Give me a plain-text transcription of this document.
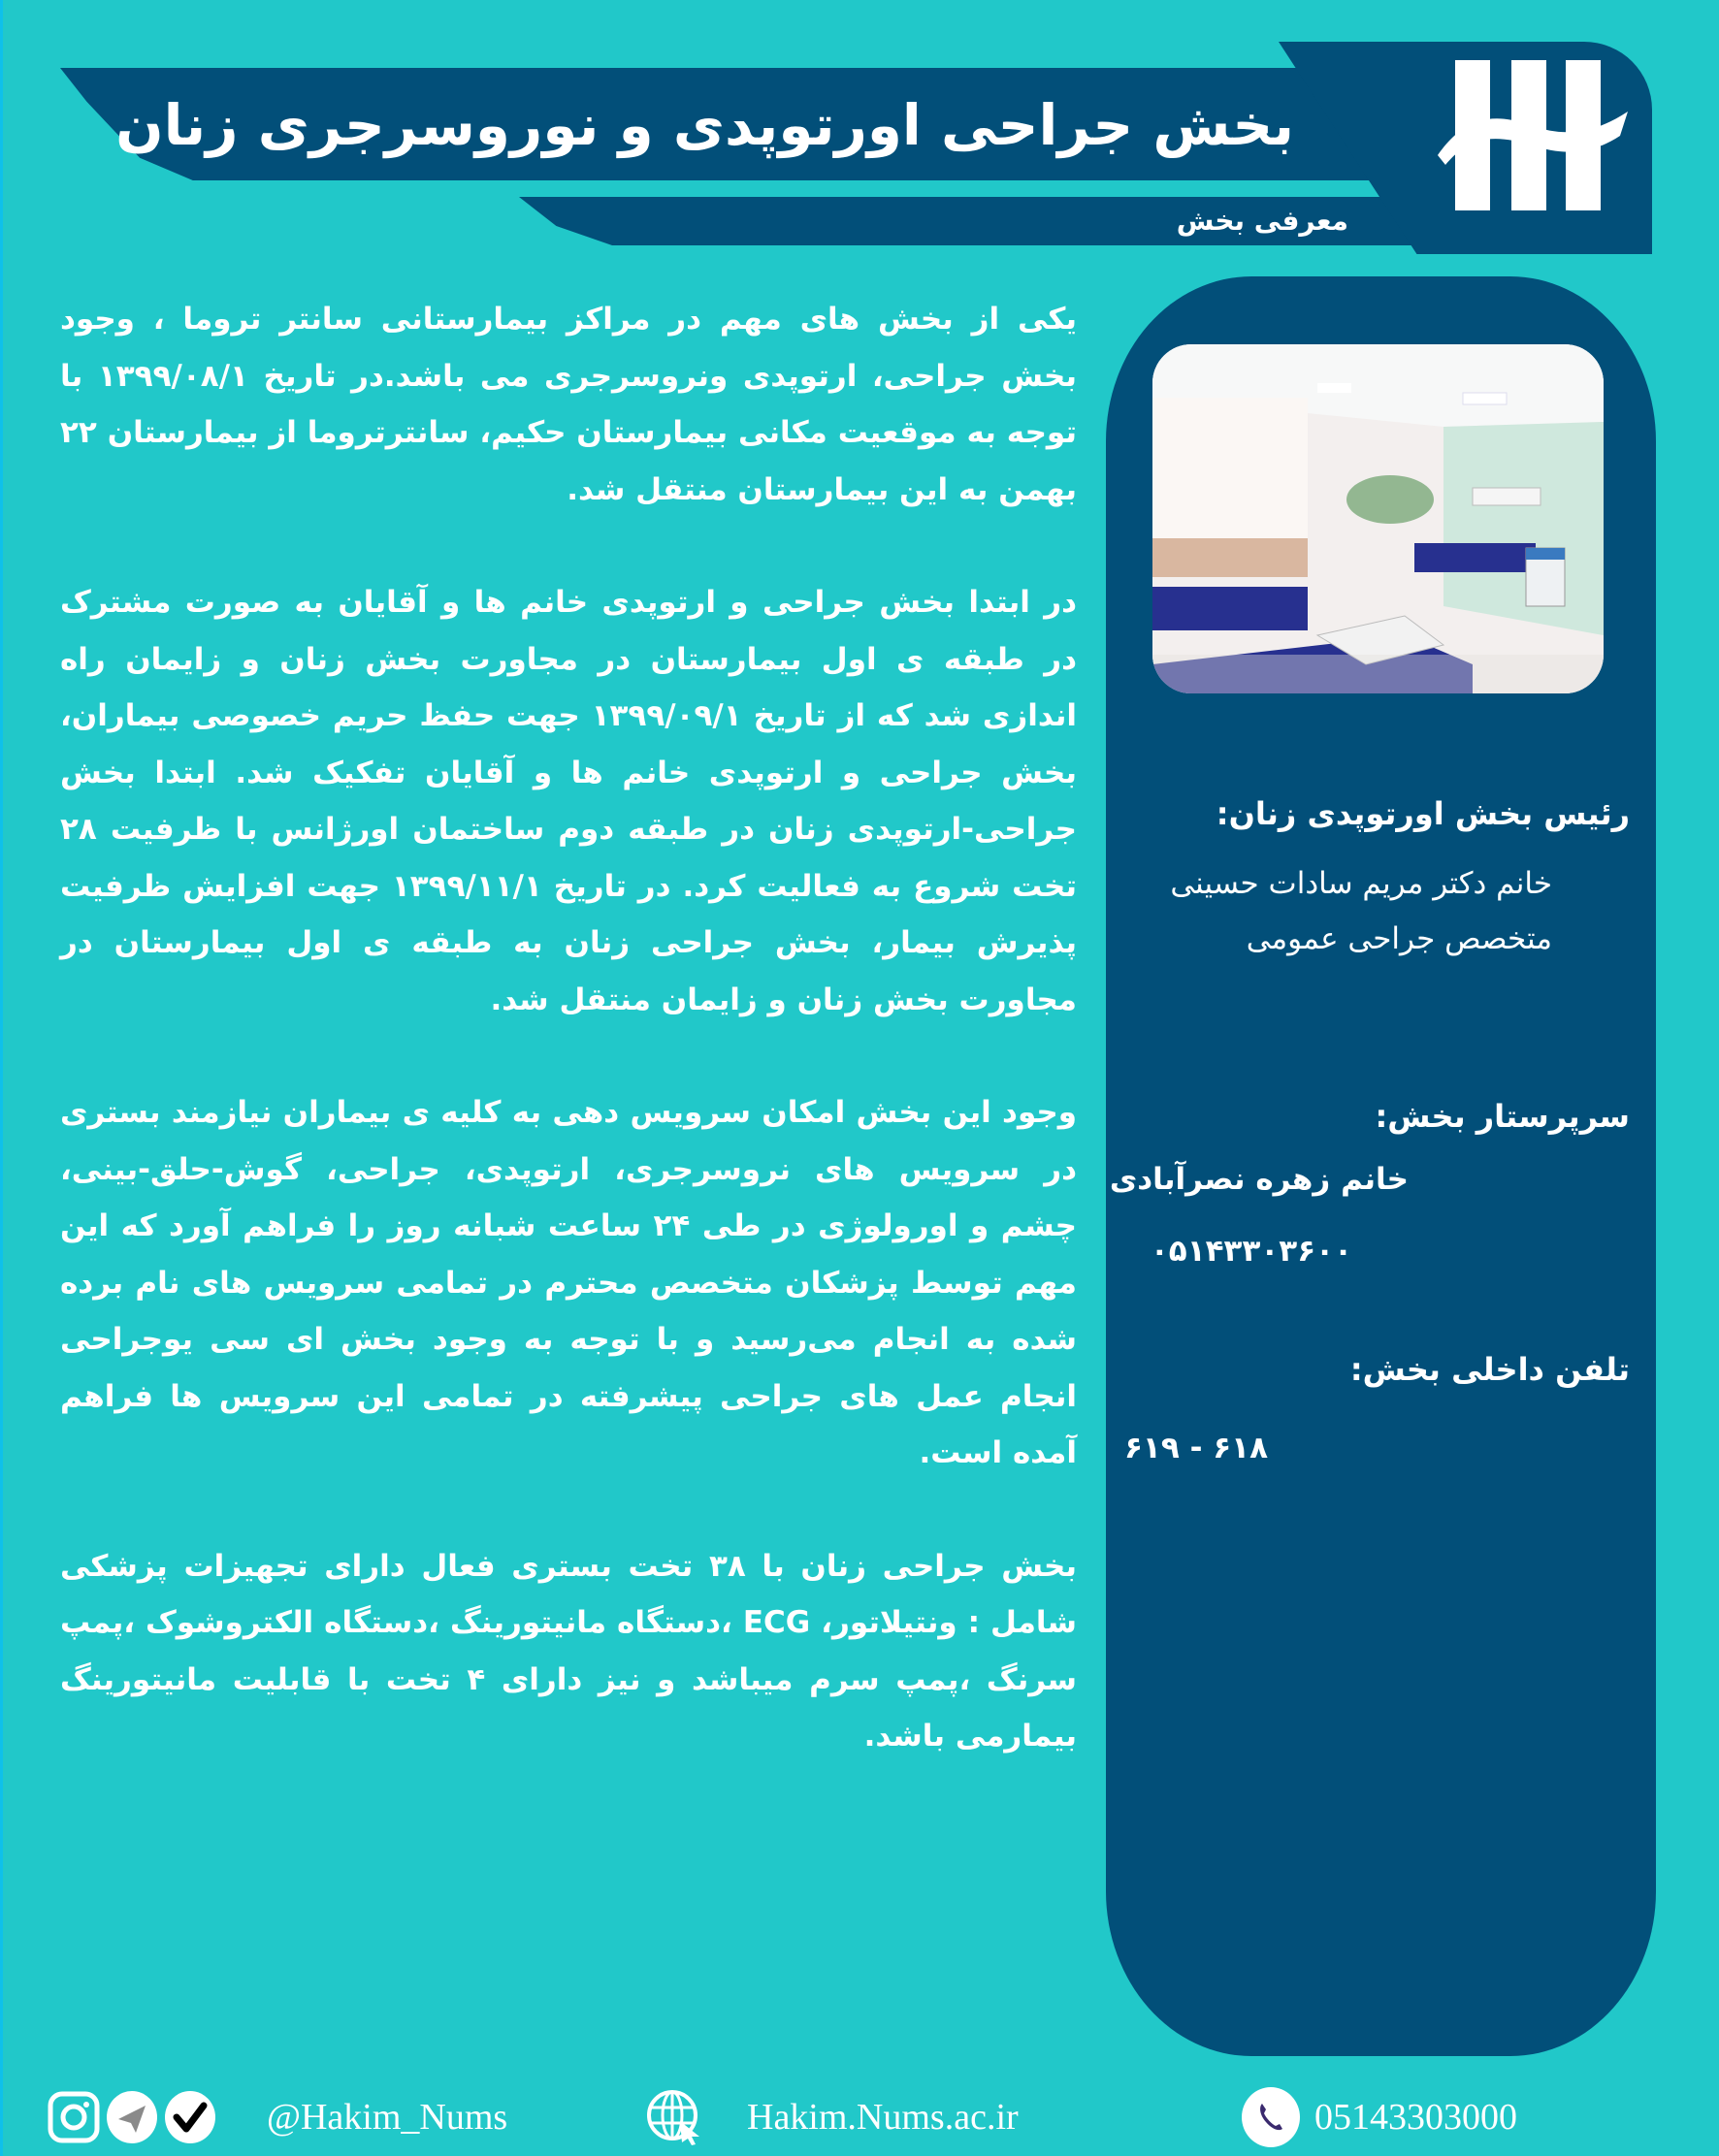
بخش جراحی اورتوپدی و نوروسرجری زنان
معرفی بخش

یکی از بخش های مهم در مراکز بیمارستانی سانتر تروما ، وجود بخش جراحی، ارتوپدی ونروسرجری می باشد.در تاریخ ۱۳۹۹/۰۸/۱ با توجه به موقعیت مکانی بیمارستان حکیم، سانترتروما از بیمارستان ۲۲ بهمن به این بیمارستان منتقل شد.

در ابتدا بخش جراحی و ارتوپدی خانم ها و آقایان به صورت مشترک در طبقه ی اول بیمارستان در مجاورت بخش زنان و زایمان راه اندازی شد که از تاریخ ۱۳۹۹/۰۹/۱ جهت حفظ حریم خصوصی بیماران، بخش جراحی و ارتوپدی خانم ها و آقایان تفکیک شد. ابتدا بخش جراحی-ارتوپدی زنان در طبقه دوم ساختمان اورژانس با ظرفیت ۲۸ تخت شروع به فعالیت کرد. در تاریخ ۱۳۹۹/۱۱/۱ جهت افزایش ظرفیت پذیرش بیمار، بخش جراحی زنان به طبقه ی اول بیمارستان در مجاورت بخش زنان و زایمان منتقل شد.

وجود این بخش امکان سرویس دهی به کلیه ی بیماران نیازمند بستری در سرویس های نروسرجری، ارتوپدی، جراحی، گوش-حلق-بینی، چشم و اورولوژی در طی ۲۴ ساعت شبانه روز را فراهم آورد که این مهم توسط پزشکان متخصص محترم در تمامی سرویس های نام برده شده به انجام می‌رسید و با توجه به وجود بخش ای سی یوجراحی انجام عمل های جراحی پیشرفته در تمامی این سرویس ها فراهم آمده است.

بخش جراحی زنان با ۳۸ تخت بستری فعال دارای تجهیزات پزشکی شامل : ونتیلاتور، ECG ،دستگاه مانیتورینگ ،دستگاه الکتروشوک ،پمپ سرنگ ،پمپ سرم میباشد و نیز دارای ۴ تخت با قابلیت مانیتورینگ بیمارمی باشد.

رئیس بخش اورتوپدی زنان:
خانم دکتر مریم سادات حسینی
متخصص جراحی عمومی
سرپرستار بخش:
خانم زهره نصرآبادی
۰۵۱۴۳۳۰۳۶۰۰
تلفن داخلی بخش:
۶۱۸ - ۶۱۹
@Hakim_Nums	Hakim.Nums.ac.ir	05143303000
